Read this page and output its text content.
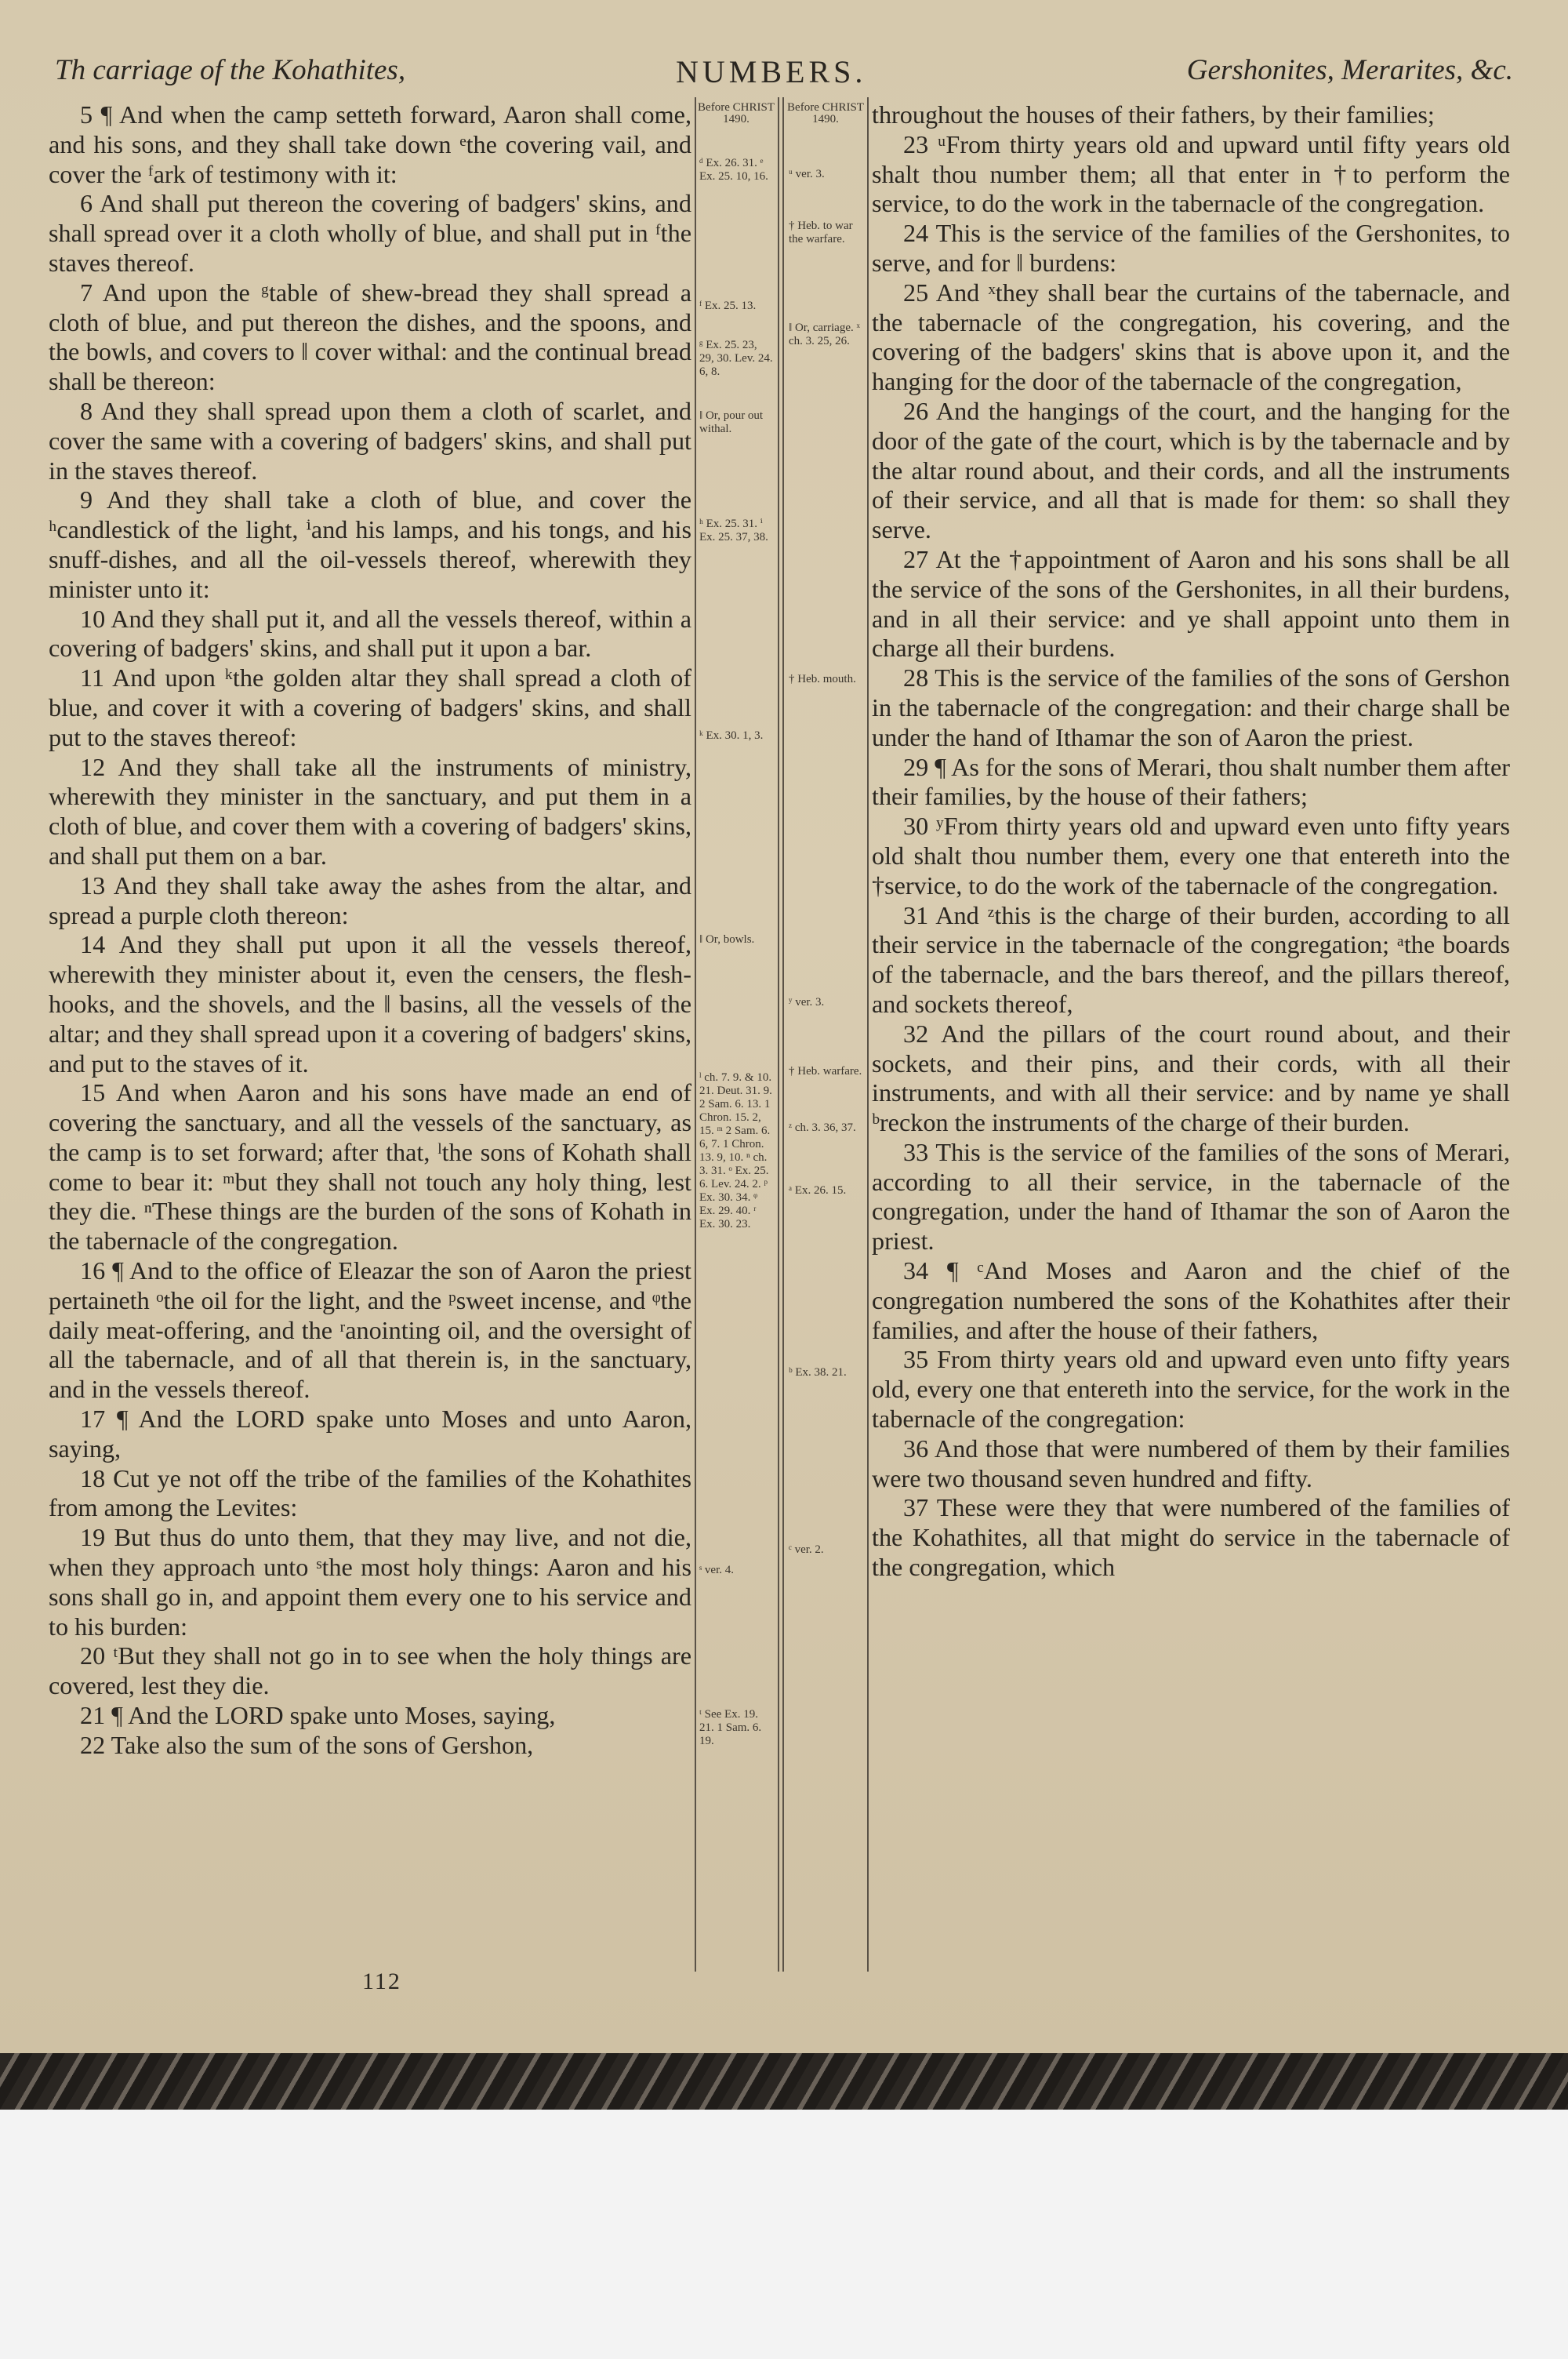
Th carriage of the Kohathites,	NUMBERS.	Gershonites, Merarites, &c.

5 ¶ And when the camp setteth forward, Aaron shall come, and his sons, and they shall take down ᵉthe covering vail, and cover the ᶠark of testimony with it:

6 And shall put thereon the covering of badgers' skins, and shall spread over it a cloth wholly of blue, and shall put in ᶠthe staves thereof.

7 And upon the ᵍtable of shew-bread they shall spread a cloth of blue, and put thereon the dishes, and the spoons, and the bowls, and covers to ‖ cover withal: and the continual bread shall be thereon:

8 And they shall spread upon them a cloth of scarlet, and cover the same with a covering of badgers' skins, and shall put in the staves thereof.

9 And they shall take a cloth of blue, and cover the ʰcandlestick of the light, ⁱand his lamps, and his tongs, and his snuff-dishes, and all the oil-vessels thereof, wherewith they minister unto it:

10 And they shall put it, and all the vessels thereof, within a covering of badgers' skins, and shall put it upon a bar.

11 And upon ᵏthe golden altar they shall spread a cloth of blue, and cover it with a covering of badgers' skins, and shall put to the staves thereof:

12 And they shall take all the instruments of ministry, wherewith they minister in the sanctuary, and put them in a cloth of blue, and cover them with a covering of badgers' skins, and shall put them on a bar.

13 And they shall take away the ashes from the altar, and spread a purple cloth thereon:

14 And they shall put upon it all the vessels thereof, wherewith they minister about it, even the censers, the flesh-hooks, and the shovels, and the ‖ basins, all the vessels of the altar; and they shall spread upon it a covering of badgers' skins, and put to the staves of it.

15 And when Aaron and his sons have made an end of covering the sanctuary, and all the vessels of the sanctuary, as the camp is to set forward; after that, ˡthe sons of Kohath shall come to bear it: ᵐbut they shall not touch any holy thing, lest they die. ⁿThese things are the burden of the sons of Kohath in the tabernacle of the congregation.

16 ¶ And to the office of Eleazar the son of Aaron the priest pertaineth ᵒthe oil for the light, and the ᵖsweet incense, and ᵠthe daily meat-offering, and the ʳanointing oil, and the oversight of all the tabernacle, and of all that therein is, in the sanctuary, and in the vessels thereof.

17 ¶ And the LORD spake unto Moses and unto Aaron, saying,

18 Cut ye not off the tribe of the families of the Kohathites from among the Levites:

19 But thus do unto them, that they may live, and not die, when they approach unto ˢthe most holy things: Aaron and his sons shall go in, and appoint them every one to his service and to his burden:

20 ᵗBut they shall not go in to see when the holy things are covered, lest they die.

21 ¶ And the LORD spake unto Moses, saying,

22 Take also the sum of the sons of Gershon,

Before CHRIST
1490.
ᵈ Ex. 26. 31. ᵉ Ex. 25. 10, 16.
ᶠ Ex. 25. 13.
ᵍ Ex. 25. 23, 29, 30. Lev. 24. 6, 8.
‖ Or, pour out withal.
ʰ Ex. 25. 31. ⁱ Ex. 25. 37, 38.
ᵏ Ex. 30. 1, 3.
‖ Or, bowls.
ˡ ch. 7. 9. & 10. 21. Deut. 31. 9. 2 Sam. 6. 13. 1 Chron. 15. 2, 15. ᵐ 2 Sam. 6. 6, 7. 1 Chron. 13. 9, 10. ⁿ ch. 3. 31. ᵒ Ex. 25. 6. Lev. 24. 2. ᵖ Ex. 30. 34. ᵠ Ex. 29. 40. ʳ Ex. 30. 23.
ˢ ver. 4.
ᵗ See Ex. 19. 21. 1 Sam. 6. 19.
Before CHRIST
1490.
ᵘ ver. 3.
† Heb. to war the warfare.
‖ Or, carriage. ˣ ch. 3. 25, 26.
† Heb. mouth.
ʸ ver. 3.
† Heb. warfare.
ᶻ ch. 3. 36, 37.
ᵃ Ex. 26. 15.
ᵇ Ex. 38. 21.
ᶜ ver. 2.

throughout the houses of their fathers, by their families;

23 ᵘFrom thirty years old and upward until fifty years old shalt thou number them; all that enter in †to perform the service, to do the work in the tabernacle of the congregation.

24 This is the service of the families of the Gershonites, to serve, and for ‖ burdens:

25 And ˣthey shall bear the curtains of the tabernacle, and the tabernacle of the congregation, his covering, and the covering of the badgers' skins that is above upon it, and the hanging for the door of the tabernacle of the congregation,

26 And the hangings of the court, and the hanging for the door of the gate of the court, which is by the tabernacle and by the altar round about, and their cords, and all the instruments of their service, and all that is made for them: so shall they serve.

27 At the †appointment of Aaron and his sons shall be all the service of the sons of the Gershonites, in all their burdens, and in all their service: and ye shall appoint unto them in charge all their burdens.

28 This is the service of the families of the sons of Gershon in the tabernacle of the congregation: and their charge shall be under the hand of Ithamar the son of Aaron the priest.

29 ¶ As for the sons of Merari, thou shalt number them after their families, by the house of their fathers;

30 ʸFrom thirty years old and upward even unto fifty years old shalt thou number them, every one that entereth into the †service, to do the work of the tabernacle of the congregation.

31 And ᶻthis is the charge of their burden, according to all their service in the tabernacle of the congregation; ᵃthe boards of the tabernacle, and the bars thereof, and the pillars thereof, and sockets thereof,

32 And the pillars of the court round about, and their sockets, and their pins, and their cords, with all their instruments, and with all their service: and by name ye shall ᵇreckon the instruments of the charge of their burden.

33 This is the service of the families of the sons of Merari, according to all their service, in the tabernacle of the congregation, under the hand of Ithamar the son of Aaron the priest.

34 ¶ ᶜAnd Moses and Aaron and the chief of the congregation numbered the sons of the Kohathites after their families, and after the house of their fathers,

35 From thirty years old and upward even unto fifty years old, every one that entereth into the service, for the work in the tabernacle of the congregation:

36 And those that were numbered of them by their families were two thousand seven hundred and fifty.

37 These were they that were numbered of the families of the Kohathites, all that might do service in the tabernacle of the congregation, which

112
